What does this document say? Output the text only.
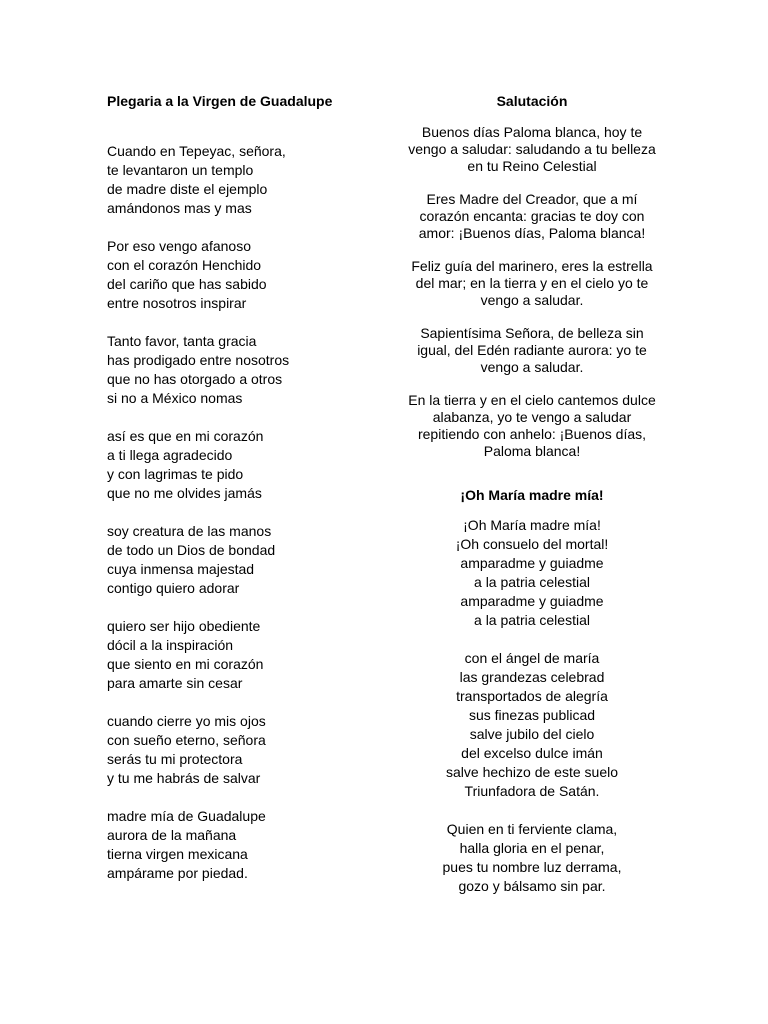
Plegaria a la Virgen de Guadalupe

Cuando en Tepeyac, señora,
te levantaron un templo
de madre diste el ejemplo
amándonos mas y mas

Por eso vengo afanoso
con el corazón Henchido
del cariño que has sabido
entre nosotros inspirar

Tanto favor, tanta gracia
has prodigado entre nosotros
que no has otorgado a otros
si no a México nomas

así es que en mi corazón
a ti llega agradecido
y con lagrimas te pido
que no me olvides jamás

soy creatura de las manos
de todo un Dios de bondad
cuya inmensa majestad
contigo quiero adorar

quiero ser hijo obediente
dócil a la inspiración
que siento en mi corazón
para amarte sin cesar

cuando cierre yo mis ojos
con sueño eterno, señora
serás tu mi protectora
y tu me habrás de salvar

madre mía de Guadalupe
aurora de la mañana
tierna virgen mexicana
ampárame por piedad.

Salutación

Buenos días Paloma blanca, hoy te
vengo a saludar: saludando a tu belleza
en tu Reino Celestial

Eres Madre del Creador, que a mí
corazón encanta: gracias te doy con
amor: ¡Buenos días, Paloma blanca!

Feliz guía del marinero, eres la estrella
del mar; en la tierra y en el cielo yo te
vengo a saludar.

Sapientísima Señora, de belleza sin
igual, del Edén radiante aurora: yo te
vengo a saludar.

En la tierra y en el cielo cantemos dulce
alabanza, yo te vengo a saludar
repitiendo con anhelo: ¡Buenos días,
Paloma blanca!

¡Oh María madre mía!

¡Oh María madre mía!
¡Oh consuelo del mortal!
amparadme y guiadme
a la patria celestial
amparadme y guiadme
a la patria celestial

con el ángel de maría
las grandezas celebrad
transportados de alegría
sus finezas publicad
salve jubilo del cielo
del excelso dulce imán
salve hechizo de este suelo
Triunfadora de Satán.

Quien en ti ferviente clama,
halla gloria en el penar,
pues tu nombre luz derrama,
gozo y bálsamo sin par.
